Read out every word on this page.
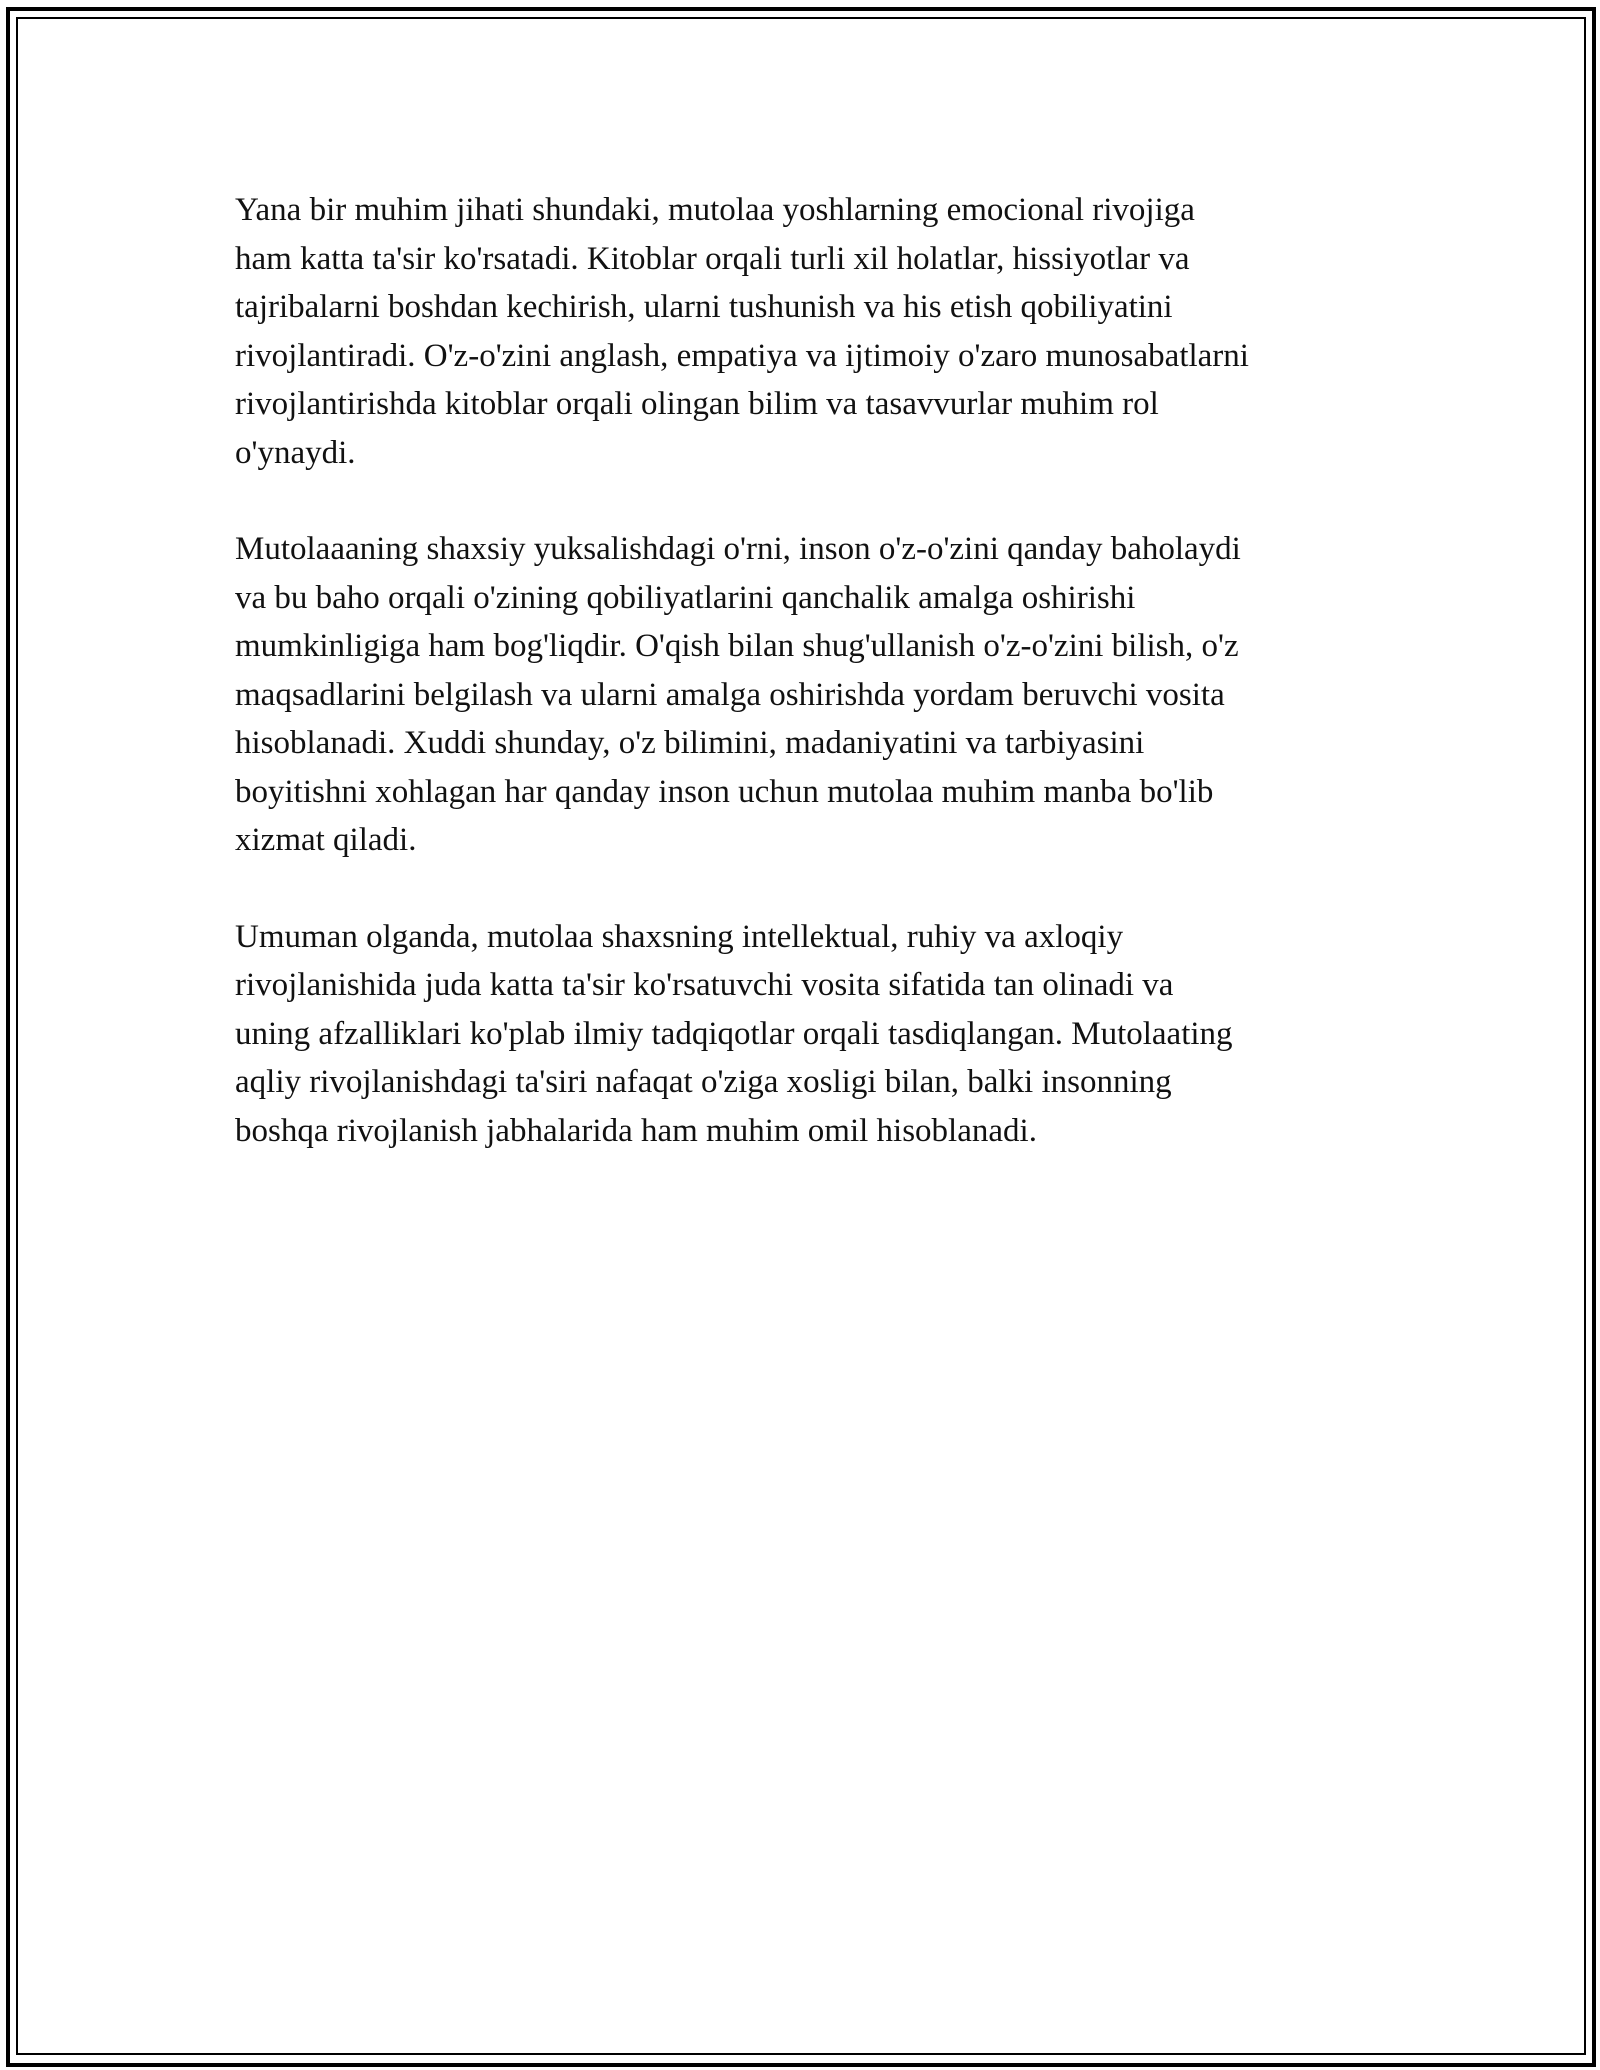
Yana bir muhim jihati shundaki, mutolaa yoshlarning emocional rivojiga
ham katta ta'sir ko'rsatadi. Kitoblar orqali turli xil holatlar, hissiyotlar va
tajribalarni boshdan kechirish, ularni tushunish va his etish qobiliyatini
rivojlantiradi. O'z-o'zini anglash, empatiya va ijtimoiy o'zaro munosabatlarni
rivojlantirishda kitoblar orqali olingan bilim va tasavvurlar muhim rol
o'ynaydi.

Mutolaaaning shaxsiy yuksalishdagi o'rni, inson o'z-o'zini qanday baholaydi
va bu baho orqali o'zining qobiliyatlarini qanchalik amalga oshirishi
mumkinligiga ham bog'liqdir. O'qish bilan shug'ullanish o'z-o'zini bilish, o'z
maqsadlarini belgilash va ularni amalga oshirishda yordam beruvchi vosita
hisoblanadi. Xuddi shunday, o'z bilimini, madaniyatini va tarbiyasini
boyitishni xohlagan har qanday inson uchun mutolaa muhim manba bo'lib
xizmat qiladi.

Umuman olganda, mutolaa shaxsning intellektual, ruhiy va axloqiy
rivojlanishida juda katta ta'sir ko'rsatuvchi vosita sifatida tan olinadi va
uning afzalliklari ko'plab ilmiy tadqiqotlar orqali tasdiqlangan. Mutolaating
aqliy rivojlanishdagi ta'siri nafaqat o'ziga xosligi bilan, balki insonning
boshqa rivojlanish jabhalarida ham muhim omil hisoblanadi.
